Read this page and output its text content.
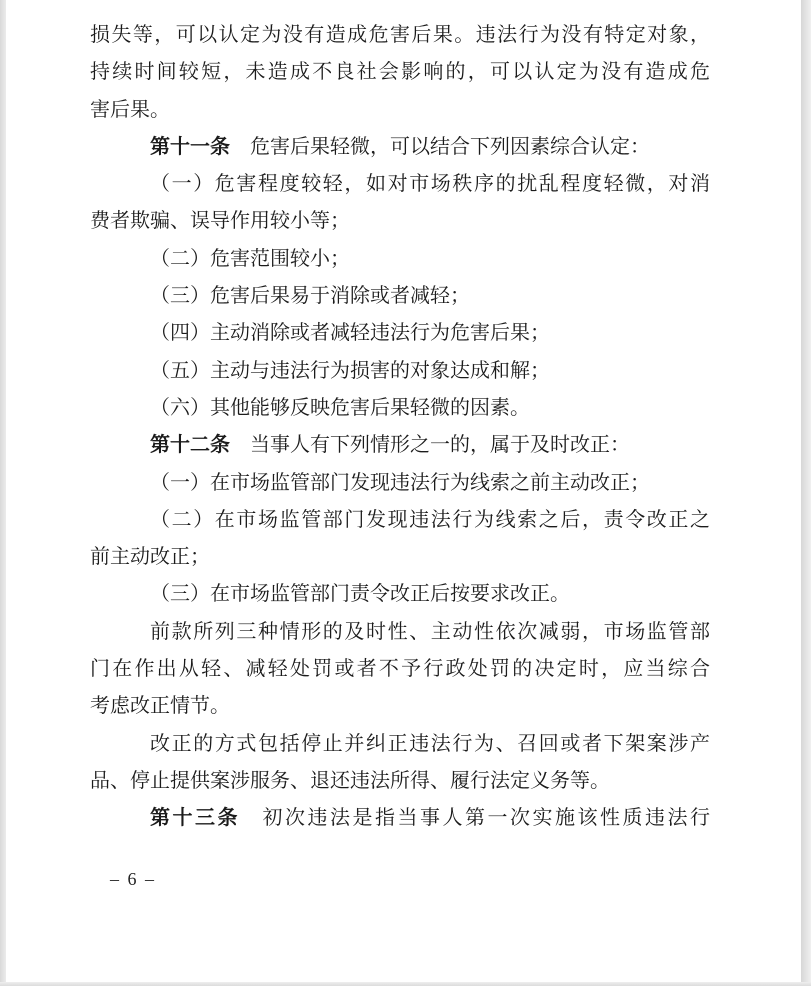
损失等，可以认定为没有造成危害后果。违法行为没有特定对象，
持续时间较短，未造成不良社会影响的，可以认定为没有造成危
害后果。
第十一条　危害后果轻微，可以结合下列因素综合认定：
（一）危害程度较轻，如对市场秩序的扰乱程度轻微，对消
费者欺骗、误导作用较小等；
（二）危害范围较小；
（三）危害后果易于消除或者减轻；
（四）主动消除或者减轻违法行为危害后果；
（五）主动与违法行为损害的对象达成和解；
（六）其他能够反映危害后果轻微的因素。
第十二条　当事人有下列情形之一的，属于及时改正：
（一）在市场监管部门发现违法行为线索之前主动改正；
（二）在市场监管部门发现违法行为线索之后，责令改正之
前主动改正；
（三）在市场监管部门责令改正后按要求改正。
前款所列三种情形的及时性、主动性依次减弱，市场监管部
门在作出从轻、减轻处罚或者不予行政处罚的决定时，应当综合
考虑改正情节。
改正的方式包括停止并纠正违法行为、召回或者下架案涉产
品、停止提供案涉服务、退还违法所得、履行法定义务等。
第十三条　初次违法是指当事人第一次实施该性质违法行
– 6 –
